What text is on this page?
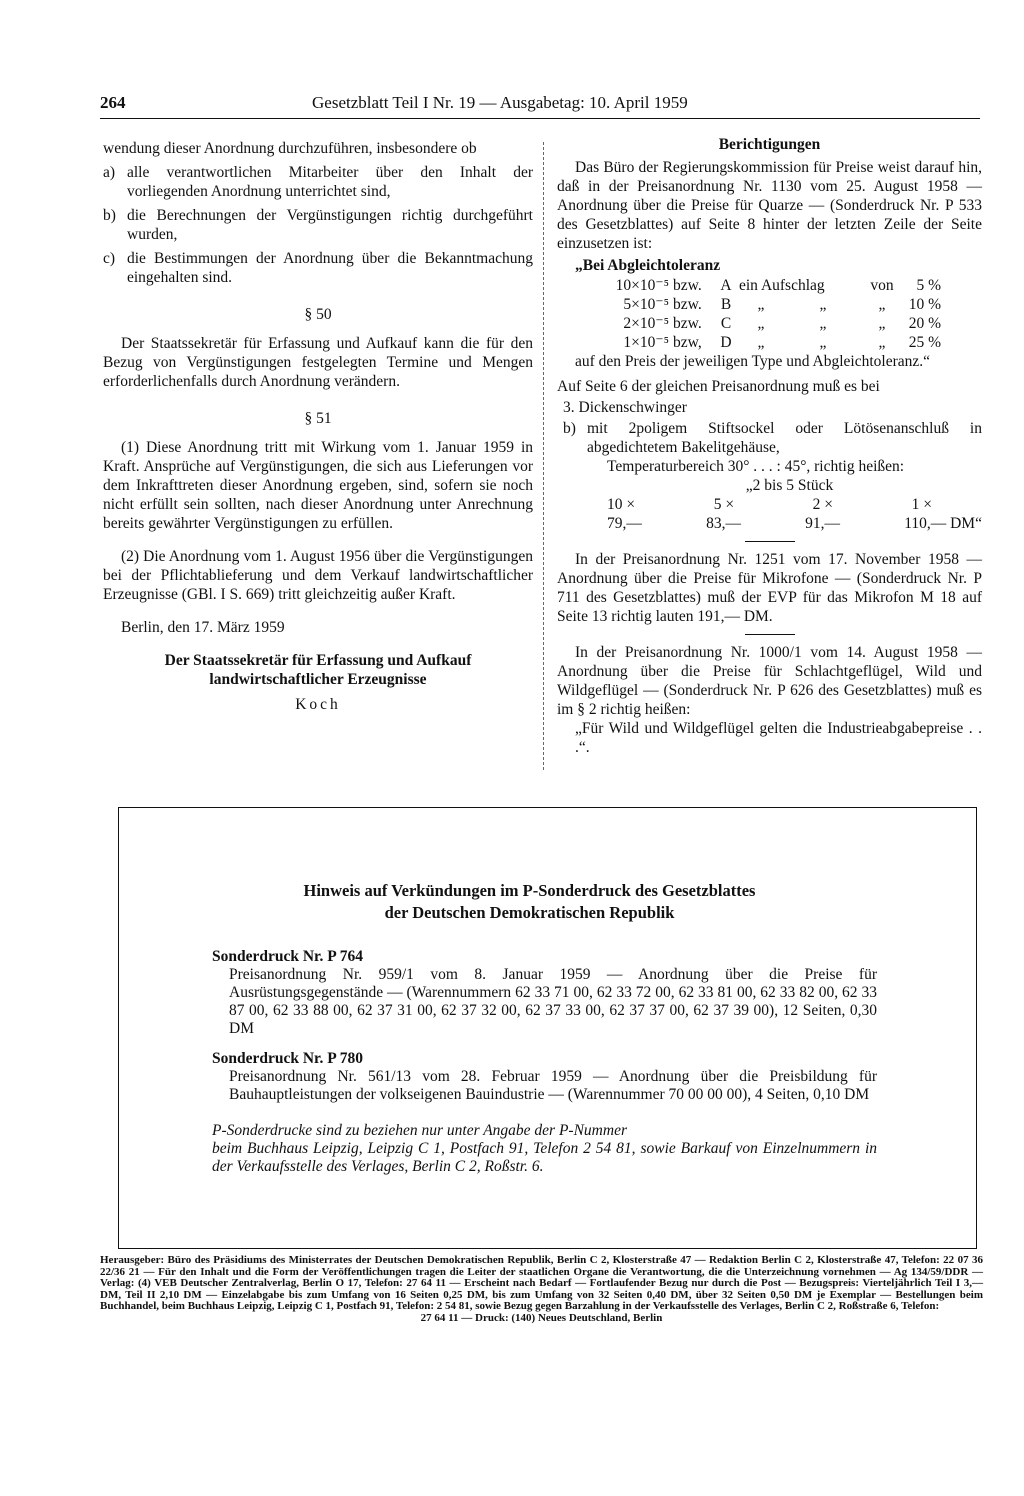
264	Gesetzblatt Teil I Nr. 19 — Ausgabetag: 10. April 1959

wendung dieser Anordnung durchzuführen, insbesondere ob

a) alle verantwortlichen Mitarbeiter über den Inhalt der vorliegenden Anordnung unterrichtet sind,
b) die Berechnungen der Vergünstigungen richtig durchgeführt wurden,
c) die Bestimmungen der Anordnung über die Bekanntmachung eingehalten sind.
§ 50

Der Staatssekretär für Erfassung und Aufkauf kann die für den Bezug von Vergünstigungen festgelegten Termine und Mengen erforderlichenfalls durch Anordnung verändern.

§ 51

(1) Diese Anordnung tritt mit Wirkung vom 1. Januar 1959 in Kraft. Ansprüche auf Vergünstigungen, die sich aus Lieferungen vor dem Inkrafttreten dieser Anordnung ergeben, sind, sofern sie noch nicht erfüllt sein sollten, nach dieser Anordnung unter Anrechnung bereits gewährter Vergünstigungen zu erfüllen.

(2) Die Anordnung vom 1. August 1956 über die Vergünstigungen bei der Pflichtablieferung und dem Verkauf landwirtschaftlicher Erzeugnisse (GBl. I S. 669) tritt gleichzeitig außer Kraft.

Berlin, den 17. März 1959

Der Staatssekretär für Erfassung und Aufkauf
landwirtschaftlicher Erzeugnisse
Koch
Berichtigungen

Das Büro der Regierungskommission für Preise weist darauf hin, daß in der Preisanordnung Nr. 1130 vom 25. August 1958 — Anordnung über die Preise für Quarze — (Sonderdruck Nr. P 533 des Gesetzblattes) auf Seite 8 hinter der letzten Zeile der Seite einzusetzen ist:

„Bei Abgleichtoleranz
10×10⁻⁵ bzw.	A ein Aufschlag	von	5 %
5×10⁻⁵ bzw.	B	„	„	„	10 %
2×10⁻⁵ bzw.	C	„	„	„	20 %
1×10⁻⁵ bzw,	D	„	„	„	25 %

auf den Preis der jeweiligen Type und Abgleichtoleranz.“

Auf Seite 6 der gleichen Preisanordnung muß es bei

3. Dickenschwinger
b) mit 2poligem Stiftsockel oder Lötösenanschluß in abgedichtetem Bakelitgehäuse,
Temperaturbereich 30° . . . : 45°, richtig heißen:
„2 bis 5 Stück
10 ×	5 ×	2 ×	1 ×
79,—	83,—	91,—	110,— DM“

In der Preisanordnung Nr. 1251 vom 17. November 1958 — Anordnung über die Preise für Mikrofone — (Sonderdruck Nr. P 711 des Gesetzblattes) muß der EVP für das Mikrofon M 18 auf Seite 13 richtig lauten 191,— DM.

In der Preisanordnung Nr. 1000/1 vom 14. August 1958 —Anordnung über die Preise für Schlachtgeflügel, Wild und Wildgeflügel — (Sonderdruck Nr. P 626 des Gesetzblattes) muß es im § 2 richtig heißen:

„Für Wild und Wildgeflügel gelten die Industrieabgabepreise . . .“.

Hinweis auf Verkündungen im P-Sonderdruck des Gesetzblattes
der Deutschen Demokratischen Republik
Sonderdruck Nr. P 764

Preisanordnung Nr. 959/1 vom 8. Januar 1959 — Anordnung über die Preise für Ausrüstungsgegenstände — (Warennummern 62 33 71 00, 62 33 72 00, 62 33 81 00, 62 33 82 00, 62 33 87 00, 62 33 88 00, 62 37 31 00, 62 37 32 00, 62 37 33 00, 62 37 37 00, 62 37 39 00), 12 Seiten, 0,30 DM

Sonderdruck Nr. P 780

Preisanordnung Nr. 561/13 vom 28. Februar 1959 — Anordnung über die Preisbildung für Bauhauptleistungen der volkseigenen Bauindustrie — (Warennummer 70 00 00 00), 4 Seiten, 0,10 DM

P-Sonderdrucke sind zu beziehen nur unter Angabe der P-Nummer

beim Buchhaus Leipzig, Leipzig C 1, Postfach 91, Telefon 2 54 81, sowie Barkauf von Einzelnummern in der Verkaufsstelle des Verlages, Berlin C 2, Roßstr. 6.

Herausgeber: Büro des Präsidiums des Ministerrates der Deutschen Demokratischen Republik, Berlin C 2, Klosterstraße 47 — Redaktion Berlin C 2, Klosterstraße 47, Telefon: 22 07 36 22/36 21 — Für den Inhalt und die Form der Veröffentlichungen tragen die Leiter der staatlichen Organe die Verantwortung, die die Unterzeichnung vornehmen — Ag 134/59/DDR — Verlag: (4) VEB Deutscher Zentralverlag, Berlin O 17, Telefon: 27 64 11 — Erscheint nach Bedarf — Fortlaufender Bezug nur durch die Post — Bezugspreis: Vierteljährlich Teil I 3,— DM, Teil II 2,10 DM — Einzelabgabe bis zum Umfang von 16 Seiten 0,25 DM, bis zum Umfang von 32 Seiten 0,40 DM, über 32 Seiten 0,50 DM je Exemplar — Bestellungen beim Buchhandel, beim Buchhaus Leipzig, Leipzig C 1, Postfach 91, Telefon: 2 54 81, sowie Bezug gegen Barzahlung in der Verkaufsstelle des Verlages, Berlin C 2, Roßstraße 6, Telefon:

27 64 11 — Druck: (140) Neues Deutschland, Berlin
